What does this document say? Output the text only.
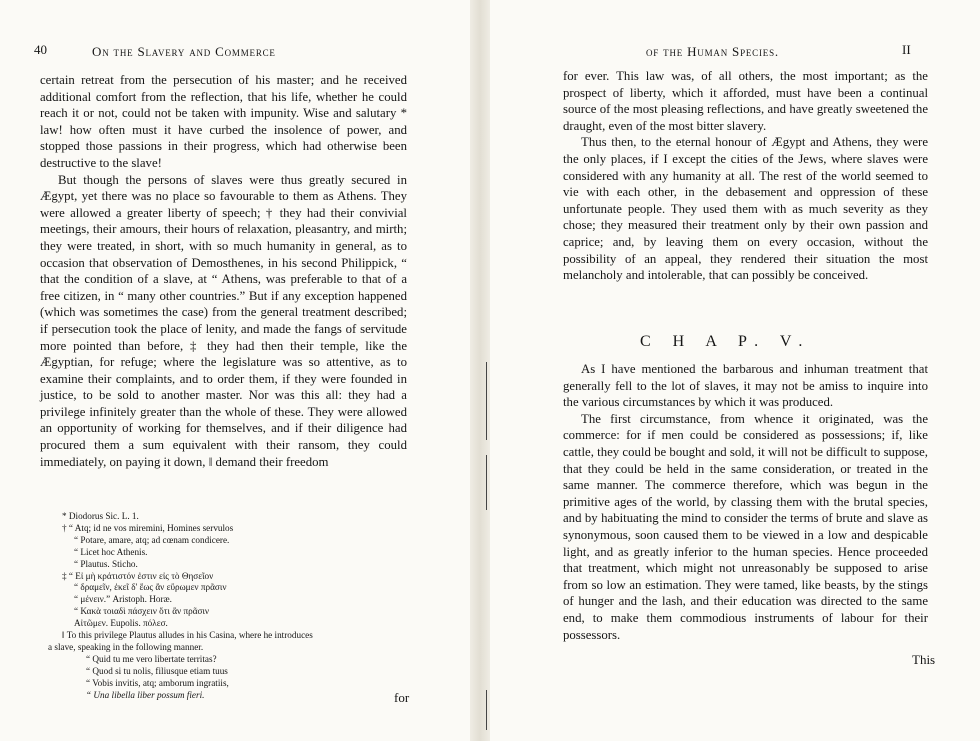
40	On the Slavery and Commerce

certain retreat from the persecution of his master; and he received additional comfort from the reflection, that his life, whether he could reach it or not, could not be taken with impunity. Wise and salutary * law! how often must it have curbed the insolence of power, and stopped those passions in their progress, which had otherwise been destructive to the slave!

But though the persons of slaves were thus greatly secured in Ægypt, yet there was no place so favourable to them as Athens. They were allowed a greater liberty of speech; † they had their convivial meetings, their amours, their hours of relaxation, pleasantry, and mirth; they were treated, in short, with so much humanity in general, as to occasion that observation of Demosthenes, in his second Philippick, “ that the condition of a slave, at “ Athens, was preferable to that of a free citizen, in “ many other countries.” But if any exception happened (which was sometimes the case) from the general treatment described; if persecution took the place of lenity, and made the fangs of servitude more pointed than before, ‡ they had then their temple, like the Ægyptian, for refuge; where the legislature was so attentive, as to examine their complaints, and to order them, if they were founded in justice, to be sold to another master. Nor was this all: they had a privilege infinitely greater than the whole of these. They were allowed an opportunity of working for themselves, and if their diligence had procured them a sum equivalent with their ransom, they could immediately, on paying it down, ‖ demand their freedom

* Diodorus Sic. L. 1.
† “ Atq; id ne vos miremini, Homines servulos
“ Potare, amare, atq; ad cœnam condicere.
“ Licet hoc Athenis.
“ Plautus. Sticho.
‡ “ Εἰ μὴ κράτιστόν ἐστιν εἰς τὸ Θησεῖον
“ δραμεῖν, ἐκεῖ δ' ἕως ἂν εὕρωμεν πρᾶσιν
“ μένειν.” Aristoph. Horæ.
“ Κακὰ τοιαδὶ πάσχειν ὅτι ἂν πρᾶσιν
Αἰτῶμεν. Eupolis. πόλεσ.
‖ To this privilege Plautus alludes in his Casina, where he introduces
a slave, speaking in the following manner.
“ Quid tu me vero libertate territas?
“ Quod si tu nolis, filiusque etiam tuus
“ Vobis invitis, atq; amborum ingratiis,
“ Una libella liber possum fieri.	for
of the Human Species.	II

for ever. This law was, of all others, the most important; as the prospect of liberty, which it afforded, must have been a continual source of the most pleasing reflections, and have greatly sweetened the draught, even of the most bitter slavery.

Thus then, to the eternal honour of Ægypt and Athens, they were the only places, if I except the cities of the Jews, where slaves were considered with any humanity at all. The rest of the world seemed to vie with each other, in the debasement and oppression of these unfortunate people. They used them with as much severity as they chose; they measured their treatment only by their own passion and caprice; and, by leaving them on every occasion, without the possibility of an appeal, they rendered their situation the most melancholy and intolerable, that can possibly be conceived.

As I have mentioned the barbarous and inhuman treatment that generally fell to the lot of slaves, it may not be amiss to inquire into the various circumstances by which it was produced.

The first circumstance, from whence it originated, was the commerce: for if men could be considered as possessions; if, like cattle, they could be bought and sold, it will not be difficult to suppose, that they could be held in the same consideration, or treated in the same manner. The commerce therefore, which was begun in the primitive ages of the world, by classing them with the brutal species, and by habituating the mind to consider the terms of brute and slave as synonymous, soon caused them to be viewed in a low and despicable light, and as greatly inferior to the human species. Hence proceeded that treatment, which might not unreasonably be supposed to arise from so low an estimation. They were tamed, like beasts, by the stings of hunger and the lash, and their education was directed to the same end, to make them commodious instruments of labour for their possessors.

This
C H A P. V.
